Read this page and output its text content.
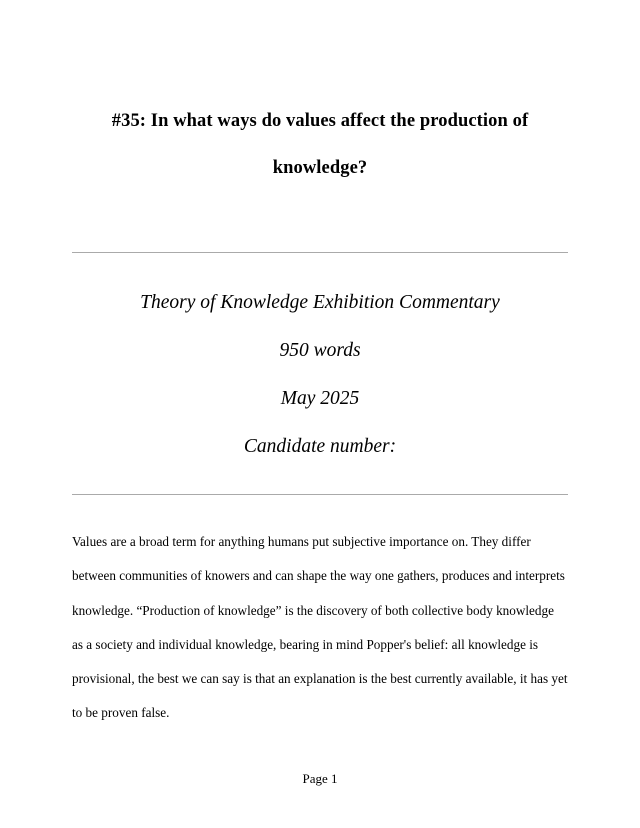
#35: In what ways do values affect the production of knowledge?
Theory of Knowledge Exhibition Commentary
950 words
May 2025
Candidate number:

Values are a broad term for anything humans put subjective importance on. They differ between communities of knowers and can shape the way one gathers, produces and interprets knowledge. “Production of knowledge” is the discovery of both collective body knowledge as a society and individual knowledge, bearing in mind Popper's belief: all knowledge is provisional, the best we can say is that an explanation is the best currently available, it has yet to be proven false.

Page 1
